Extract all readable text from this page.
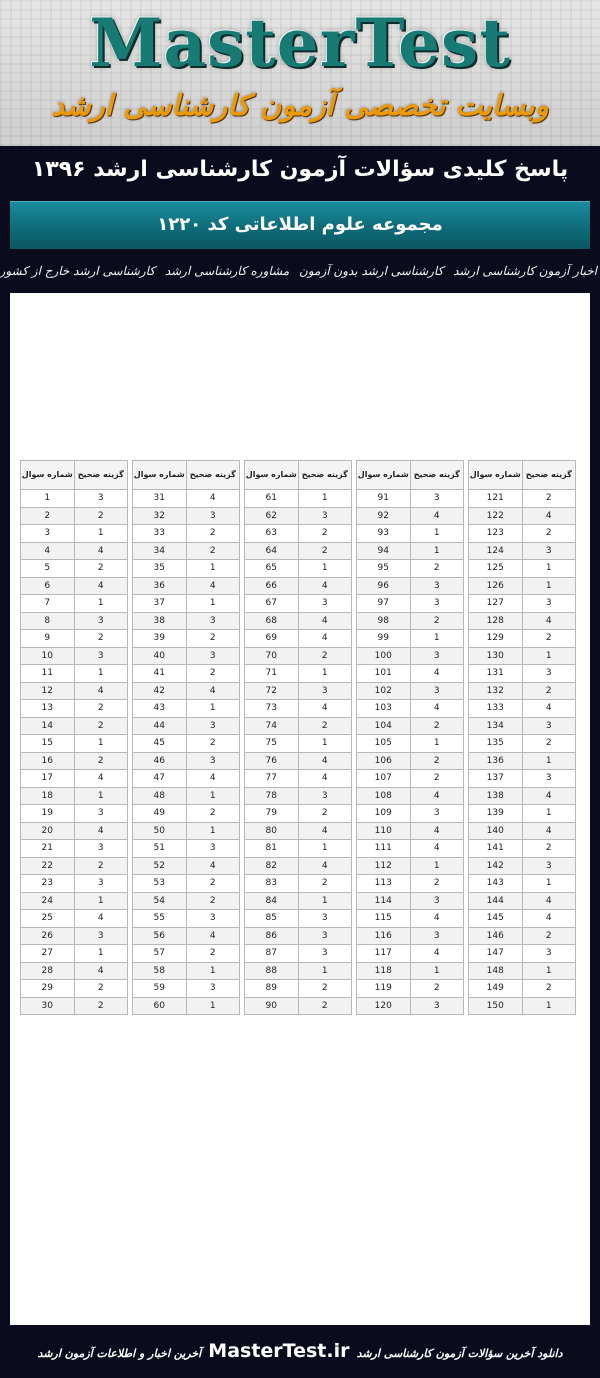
MasterTest
وبسایت تخصصی آزمون کارشناسی ارشد
پاسخ کلیدی سؤالات آزمون کارشناسی ارشد ۱۳۹۶
مجموعه علوم اطلاعاتی کد ۱۲۲۰
اخبار آزمون کارشناسی ارشد کارشناسی ارشد بدون آزمون مشاوره کارشناسی ارشد کارشناسی ارشد خارج از کشور
شماره سوال	گزینه صحیح
1	3
2	2
3	1
4	4
5	2
6	4
7	1
8	3
9	2
10	3
11	1
12	4
13	2
14	2
15	1
16	2
17	4
18	1
19	3
20	4
21	3
22	2
23	3
24	1
25	4
26	3
27	1
28	4
29	2
30	2
شماره سوال	گزینه صحیح
31	4
32	3
33	2
34	2
35	1
36	4
37	1
38	3
39	2
40	3
41	2
42	4
43	1
44	3
45	2
46	3
47	4
48	1
49	2
50	1
51	3
52	4
53	2
54	2
55	3
56	4
57	2
58	1
59	3
60	1
شماره سوال	گزینه صحیح
61	1
62	3
63	2
64	2
65	1
66	4
67	3
68	4
69	4
70	2
71	1
72	3
73	4
74	2
75	1
76	4
77	4
78	3
79	2
80	4
81	1
82	4
83	2
84	1
85	3
86	3
87	3
88	1
89	2
90	2
شماره سوال	گزینه صحیح
91	3
92	4
93	1
94	1
95	2
96	3
97	3
98	2
99	1
100	3
101	4
102	3
103	4
104	2
105	1
106	2
107	2
108	4
109	3
110	4
111	4
112	1
113	2
114	3
115	4
116	3
117	4
118	1
119	2
120	3
شماره سوال	گزینه صحیح
121	2
122	4
123	2
124	3
125	1
126	1
127	3
128	4
129	2
130	1
131	3
132	2
133	4
134	3
135	2
136	1
137	3
138	4
139	1
140	4
141	2
142	3
143	1
144	4
145	4
146	2
147	3
148	1
149	2
150	1
دانلود آخرین سؤالات آزمون کارشناسی ارشد MasterTest.ir آخرین اخبار و اطلاعات آزمون ارشد
